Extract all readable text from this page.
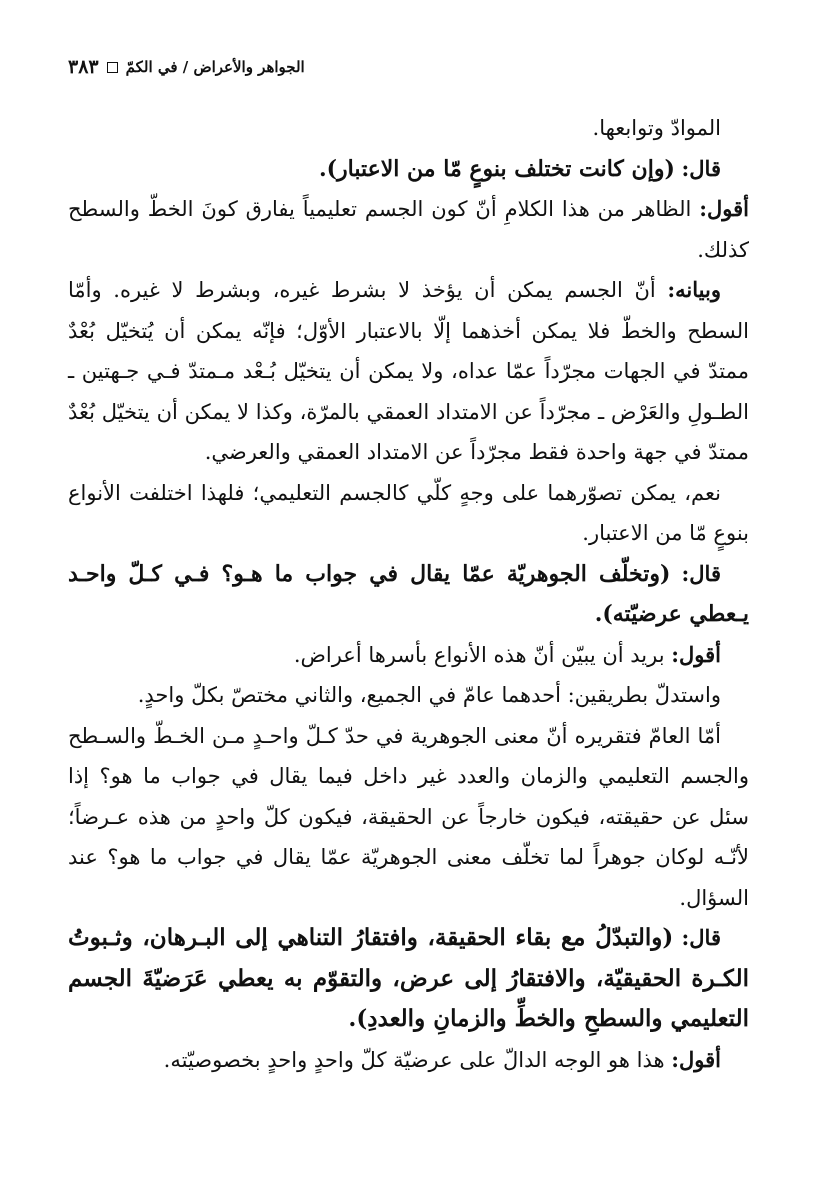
٣٨٣ الجواهر والأعراض / في الكمّ

الموادّ وتوابعها.

قال: (وإن كانت تختلف بنوعٍ مّا من الاعتبار).

أقول: الظاهر من هذا الكلامِ أنّ كون الجسم تعليمياً يفارق كونَ الخطّ والسطح كذلك.

وبيانه: أنّ الجسم يمكن أن يؤخذ لا بشرط غيره، وبشرط لا غيره. وأمّا السطح والخطّ فلا يمكن أخذهما إلّا بالاعتبار الأوّل؛ فإنّه يمكن أن يُتخيّل بُعْدٌ ممتدّ في الجهات مجرّداً عمّا عداه، ولا يمكن أن يتخيّل بُـعْد مـمتدّ فـي جـهتين ـ الطـولِ والعَرْض ـ مجرّداً عن الامتداد العمقي بالمرّة، وكذا لا يمكن أن يتخيّل بُعْدٌ ممتدّ في جهة واحدة فقط مجرّداً عن الامتداد العمقي والعرضي.

نعم، يمكن تصوّرهما على وجهٍ كلّي كالجسم التعليمي؛ فلهذا اختلفت الأنواع بنوعٍ مّا من الاعتبار.

قال: (وتخلّف الجوهريّة عمّا يقال في جواب ما هـو؟ فـي كـلّ واحـد يـعطي عرضيّته).

أقول: بريد أن يبيّن أنّ هذه الأنواع بأسرها أعراض.

واستدلّ بطريقين: أحدهما عامّ في الجميع، والثاني مختصّ بكلّ واحدٍ.

أمّا العامّ فتقريره أنّ معنى الجوهرية في حدّ كـلّ واحـدٍ مـن الخـطّ والسـطح والجسم التعليمي والزمان والعدد غير داخل فيما يقال في جواب ما هو؟ إذا سئل عن حقيقته، فيكون خارجاً عن الحقيقة، فيكون كلّ واحدٍ من هذه عـرضاً؛ لأنّـه لوكان جوهراً لما تخلّف معنى الجوهريّة عمّا يقال في جواب ما هو؟ عند السؤال.

قال: (والتبدّلُ مع بقاء الحقيقة، وافتقارُ التناهي إلى البـرهان، وثـبوتُ الكـرة الحقيقيّة، والافتقارُ إلى عرض، والتقوّم به يعطي عَرَضيّةَ الجسم التعليمي والسطحِ والخطِّ والزمانِ والعددِ).

أقول: هذا هو الوجه الدالّ على عرضيّة كلّ واحدٍ واحدٍ بخصوصيّته.
